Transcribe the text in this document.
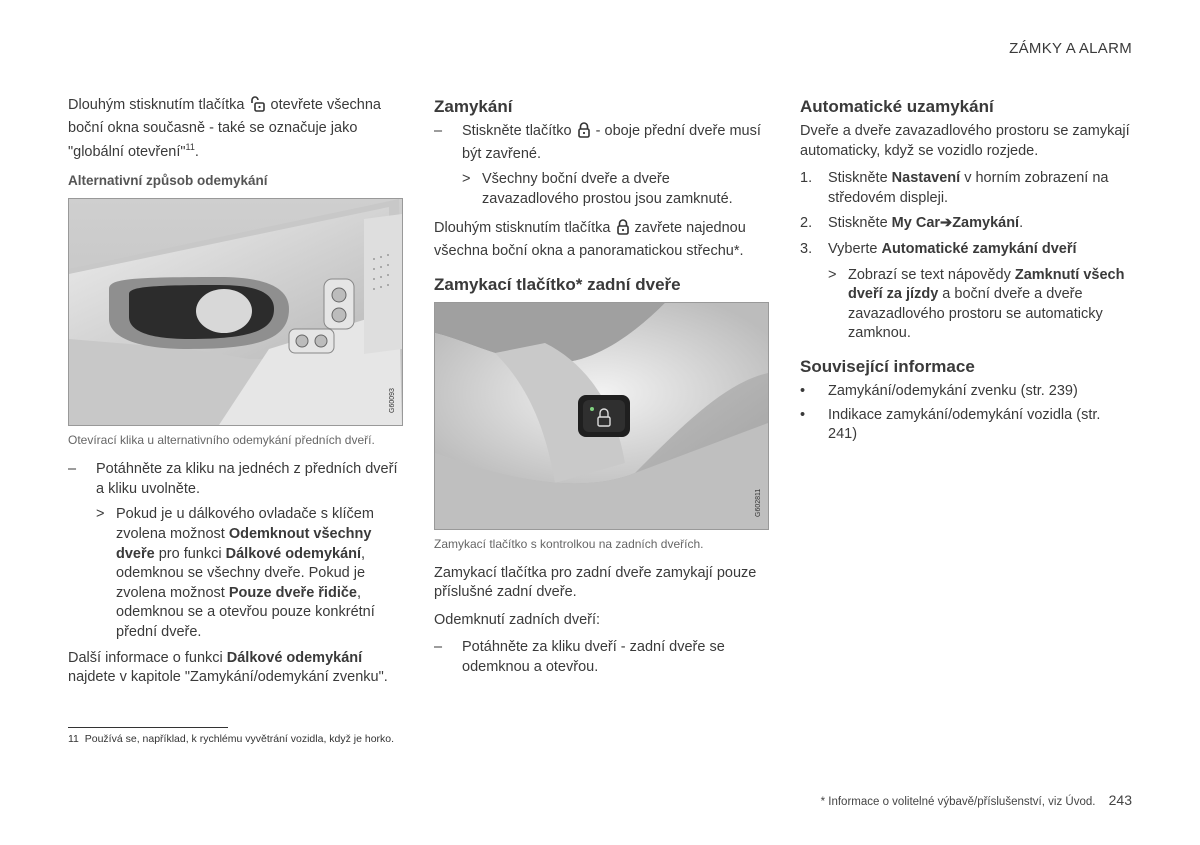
ZÁMKY A ALARM

Dlouhým stisknutím tlačítka otevřete všechna boční okna současně - také se označuje jako "globální otevření"$^{11}$.

Alternativní způsob odemykání
G60093
Otevírací klika u alternativního odemykání předních dveří.
– Potáhněte za kliku na jednéch z předních dveří a kliku uvolněte.
> Pokud je u dálkového ovladače s klíčem zvolena možnost Odemknout všechny dveře pro funkci Dálkové odemykání, odemknou se všechny dveře. Pokud je zvolena možnost Pouze dveře řidiče, odemknou se a otevřou pouze konkrétní přední dveře.

Další informace o funkci Dálkové odemykání najdete v kapitole "Zamykání/odemykání zvenku".

Zamykání
– Stiskněte tlačítko - oboje přední dveře musí být zavřené.
> Všechny boční dveře a dveře zavazadlového prostou jsou zamknuté.

Dlouhým stisknutím tlačítka zavřete najednou všechna boční okna a panoramatickou střechu*.

Zamykací tlačítko* zadní dveře
G602811
Zamykací tlačítko s kontrolkou na zadních dveřích.

Zamykací tlačítka pro zadní dveře zamykají pouze příslušné zadní dveře.

Odemknutí zadních dveří:

– Potáhněte za kliku dveří - zadní dveře se odemknou a otevřou.
Automatické uzamykání

Dveře a dveře zavazadlového prostoru se zamykají automaticky, když se vozidlo rozjede.

1. Stiskněte Nastavení v horním zobrazení na středovém displeji.
2. Stiskněte My Car➔Zamykání.
3. Vyberte Automatické zamykání dveří
> Zobrazí se text nápovědy Zamknutí všech dveří za jízdy a boční dveře a dveře zavazadlového prostoru se automaticky zamknou.
Související informace
• Zamykání/odemykání zvenku (str. 239)
• Indikace zamykání/odemykání vozidla (str. 241)
11 Používá se, například, k rychlému vyvětrání vozidla, když je horko.
* Informace o volitelné výbavě/příslušenství, viz Úvod. 243
